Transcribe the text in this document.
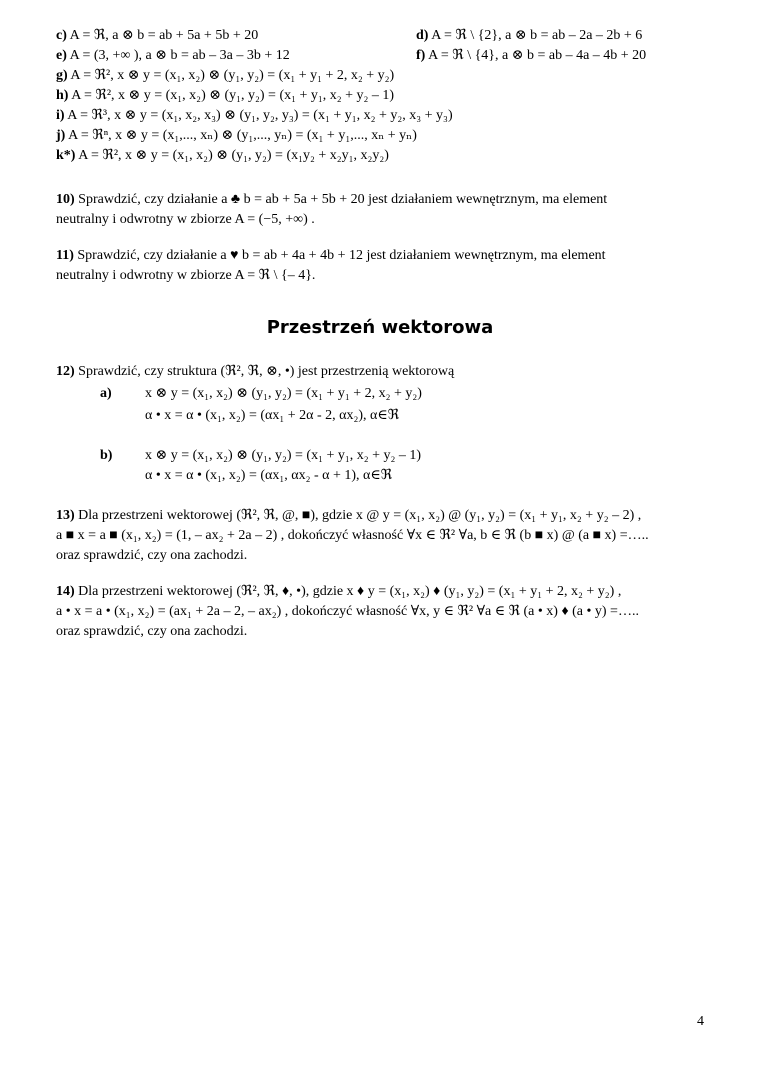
c) A = ℜ, a ⊗ b = ab + 5a + 5b + 20	d) A = ℜ \ {2}, a ⊗ b = ab – 2a – 2b + 6
e) A = (3, +∞ ), a ⊗ b = ab – 3a – 3b + 12	f) A = ℜ \ {4}, a ⊗ b = ab – 4a – 4b + 20
g) A = ℜ², x ⊗ y = (x₁, x₂) ⊗ (y₁, y₂) = (x₁ + y₁ + 2, x₂ + y₂)
h) A = ℜ², x ⊗ y = (x₁, x₂) ⊗ (y₁, y₂) = (x₁ + y₁, x₂ + y₂ – 1)
i) A = ℜ³, x ⊗ y = (x₁, x₂, x₃) ⊗ (y₁, y₂, y₃) = (x₁ + y₁, x₂ + y₂, x₃ + y₃)
j) A = ℜⁿ, x ⊗ y = (x₁,..., xₙ) ⊗ (y₁,..., yₙ) = (x₁ + y₁,..., xₙ + yₙ)
k*) A = ℜ², x ⊗ y = (x₁, x₂) ⊗ (y₁, y₂) = (x₁y₂ + x₂y₁, x₂y₂)
10) Sprawdzić, czy działanie a ♣ b = ab + 5a + 5b + 20 jest działaniem wewnętrznym, ma element
neutralny i odwrotny w zbiorze A = (−5, +∞) .
11) Sprawdzić, czy działanie a ♥ b = ab + 4a + 4b + 12 jest działaniem wewnętrznym, ma element
neutralny i odwrotny w zbiorze A = ℜ \ {– 4}.
Przestrzeń wektorowa
12) Sprawdzić, czy struktura (ℜ², ℜ, ⊗, •) jest przestrzenią wektorową
a) x ⊗ y = (x₁, x₂) ⊗ (y₁, y₂) = (x₁ + y₁ + 2, x₂ + y₂)
α • x = α • (x₁, x₂) = (αx₁ + 2α - 2, αx₂), α∈ℜ
b) x ⊗ y = (x₁, x₂) ⊗ (y₁, y₂) = (x₁ + y₁, x₂ + y₂ – 1)
α • x = α • (x₁, x₂) = (αx₁, αx₂ - α + 1), α∈ℜ
13) Dla przestrzeni wektorowej (ℜ², ℜ, @, ■), gdzie x @ y = (x₁, x₂) @ (y₁, y₂) = (x₁ + y₁, x₂ + y₂ – 2) ,
a ■ x = a ■ (x₁, x₂) = (1, – ax₂ + 2a – 2) , dokończyć własność ∀x ∈ ℜ² ∀a, b ∈ ℜ (b ■ x) @ (a ■ x) =…..
oraz sprawdzić, czy ona zachodzi.
14) Dla przestrzeni wektorowej (ℜ², ℜ, ♦, •), gdzie x ♦ y = (x₁, x₂) ♦ (y₁, y₂) = (x₁ + y₁ + 2, x₂ + y₂) ,
a • x = a • (x₁, x₂) = (ax₁ + 2a – 2, – ax₂) , dokończyć własność ∀x, y ∈ ℜ² ∀a ∈ ℜ (a • x) ♦ (a • y) =…..
oraz sprawdzić, czy ona zachodzi.
4
